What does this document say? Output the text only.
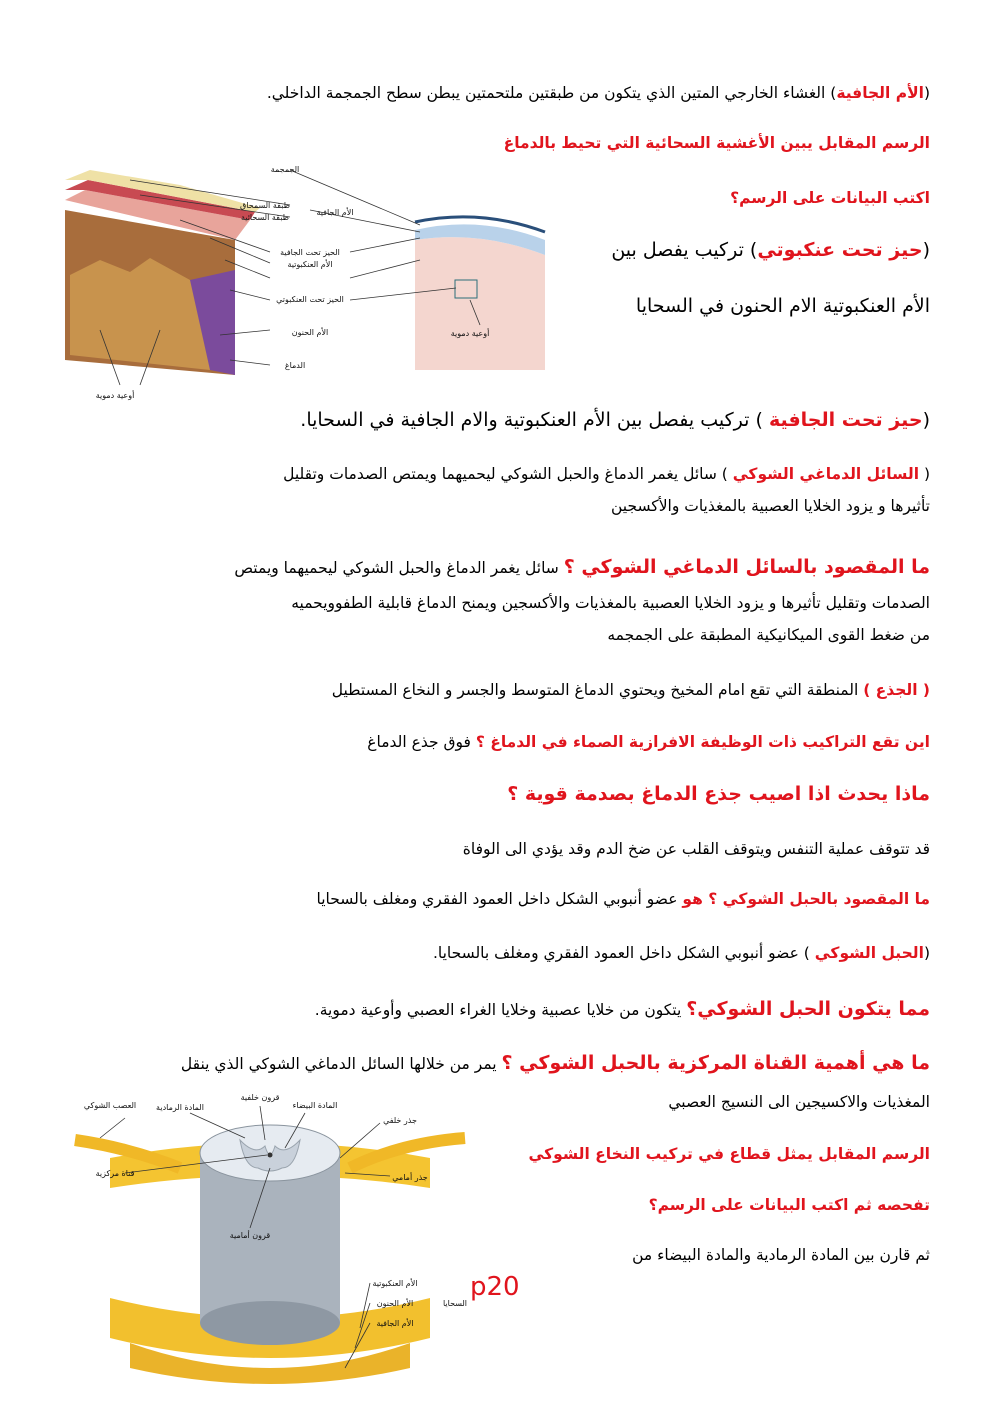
(الأم الجافية) الغشاء الخارجي المتين الذي يتكون من طبقتين ملتحمتين يبطن سطح الجمجمة الداخلي.
الرسم المقابل يبين الأغشية السحائية التي تحيط بالدماغ
اكتب البيانات على الرسم؟
(حيز تحت عنكبوتي) تركيب يفصل بين
الأم العنكبوتية الام الحنون في السحايا
(حيز تحت الجافية ) تركيب يفصل بين الأم العنكبوتية والام الجافية في السحايا.
( السائل الدماغي الشوكي ) سائل يغمر الدماغ والحبل الشوكي ليحميهما ويمتص الصدمات وتقليل
تأثيرها و يزود الخلايا العصبية بالمغذيات والأكسجين
ما المقصود بالسائل الدماغي الشوكي ؟ سائل يغمر الدماغ والحبل الشوكي ليحميهما ويمتص
الصدمات وتقليل تأثيرها و يزود الخلايا العصبية بالمغذيات والأكسجين ويمنح الدماغ قابلية الطفوويحميه
من ضغط القوى الميكانيكية المطبقة على الجمجمه
( الجذع ) المنطقة التي تقع امام المخيخ ويحتوي الدماغ المتوسط والجسر و النخاع المستطيل
اين تقع التراكيب ذات الوظيفة الافرازية الصماء في الدماغ ؟ فوق جذع الدماغ
ماذا يحدث اذا اصيب جذع الدماغ بصدمة قوية ؟
قد تتوقف عملية التنفس ويتوقف القلب عن ضخ الدم وقد يؤدي الى الوفاة
ما المقصود بالحبل الشوكي ؟ هو عضو أنبوبي الشكل داخل العمود الفقري ومغلف بالسحايا
(الحبل الشوكي ) عضو أنبوبي الشكل داخل العمود الفقري ومغلف بالسحايا.
مما يتكون الحبل الشوكي؟ يتكون من خلايا عصبية وخلايا الغراء العصبي وأوعية دموية.
ما هي أهمية القناة المركزية بالحبل الشوكي ؟ يمر من خلالها السائل الدماغي الشوكي الذي ينقل
المغذيات والاكسيجين الى النسيج العصبي
الرسم المقابل يمثل قطاع في تركيب النخاع الشوكي
تفحصه ثم اكتب البيانات على الرسم؟
ثم قارن بين المادة الرمادية والمادة البيضاء من
p20
الجمجمة
طبقة السمحاق
طبقة السحائية
الأم الجافية
الحيز تحت الجافية
الأم العنكبوتية
الحيز تحت العنكبوتي
الأم الحنون
الدماغ
أوعية دموية
أوعية دموية
العصب الشوكي المادة الرمادية
قرون خلفية
المادة البيضاء
جذر خلفي
قناة مركزية	جذر أمامي
قرون أمامية
الأم العنكبوتية
الأم الحنون
الأم الجافية
السحايا
